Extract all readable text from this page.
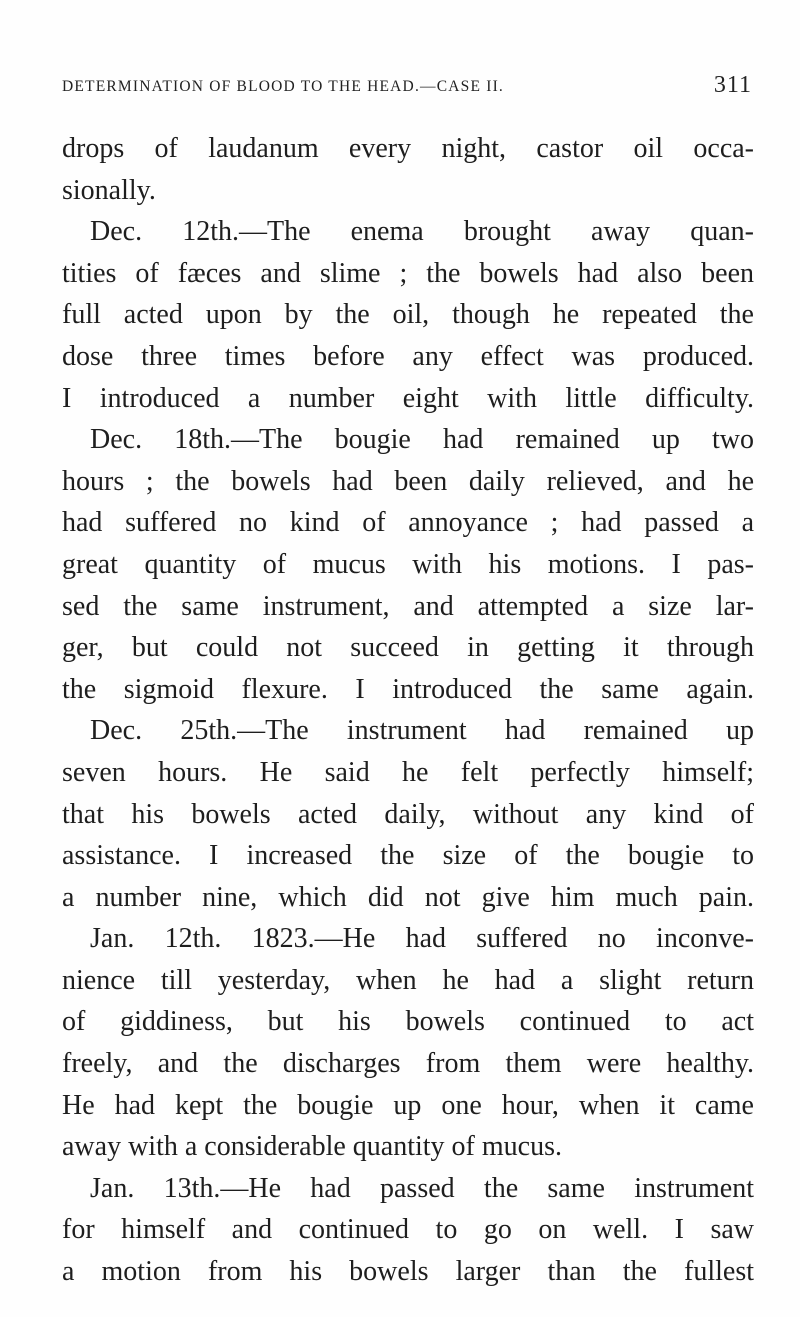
DETERMINATION OF BLOOD TO THE HEAD.—CASE II.	311
drops of laudanum every night, castor oil occa-
sionally.
Dec. 12th.—The enema brought away quan-
tities of fæces and slime ; the bowels had also been
full acted upon by the oil, though he repeated the
dose three times before any effect was produced.
I introduced a number eight with little difficulty.
Dec. 18th.—The bougie had remained up two
hours ; the bowels had been daily relieved, and he
had suffered no kind of annoyance ; had passed a
great quantity of mucus with his motions. I pas-
sed the same instrument, and attempted a size lar-
ger, but could not succeed in getting it through
the sigmoid flexure. I introduced the same again.
Dec. 25th.—The instrument had remained up
seven hours. He said he felt perfectly himself;
that his bowels acted daily, without any kind of
assistance. I increased the size of the bougie to
a number nine, which did not give him much pain.
Jan. 12th. 1823.—He had suffered no inconve-
nience till yesterday, when he had a slight return
of giddiness, but his bowels continued to act
freely, and the discharges from them were healthy.
He had kept the bougie up one hour, when it came
away with a considerable quantity of mucus.
Jan. 13th.—He had passed the same instrument
for himself and continued to go on well. I saw
a motion from his bowels larger than the fullest
